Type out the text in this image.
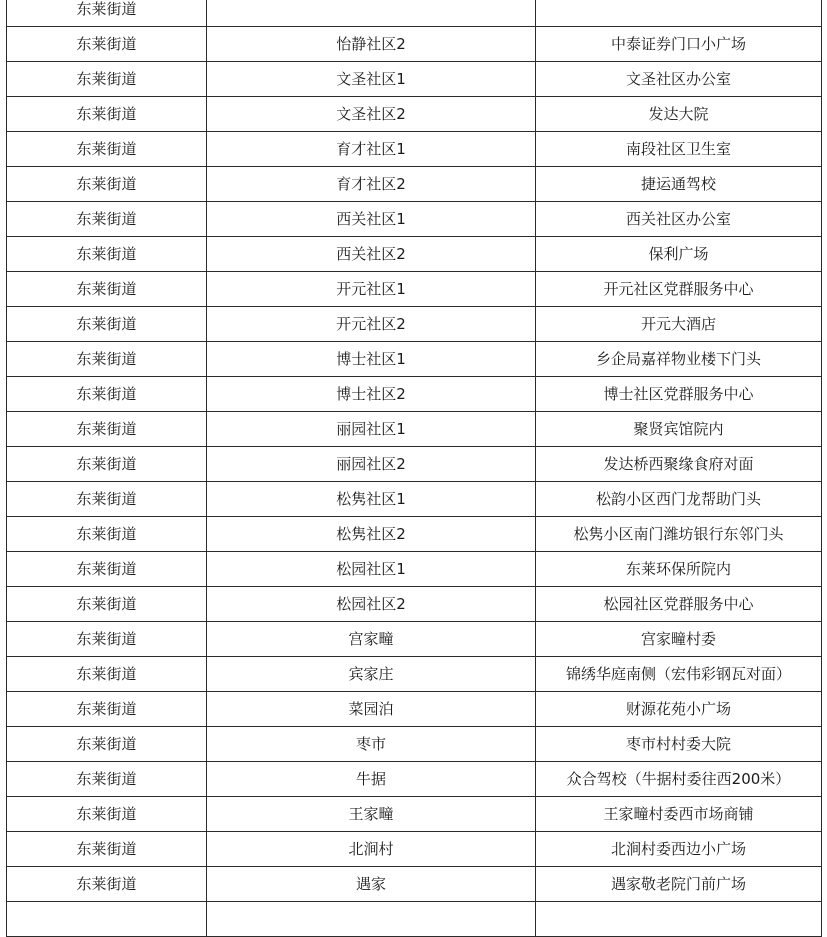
东莱街道		
东莱街道	怡静社区2	中泰证券门口小广场
东莱街道	文圣社区1	文圣社区办公室
东莱街道	文圣社区2	发达大院
东莱街道	育才社区1	南段社区卫生室
东莱街道	育才社区2	捷运通驾校
东莱街道	西关社区1	西关社区办公室
东莱街道	西关社区2	保利广场
东莱街道	开元社区1	开元社区党群服务中心
东莱街道	开元社区2	开元大酒店
东莱街道	博士社区1	乡企局嘉祥物业楼下门头
东莱街道	博士社区2	博士社区党群服务中心
东莱街道	丽园社区1	聚贤宾馆院内
东莱街道	丽园社区2	发达桥西聚缘食府对面
东莱街道	松隽社区1	松韵小区西门龙帮助门头
东莱街道	松隽社区2	松隽小区南门潍坊银行东邻门头
东莱街道	松园社区1	东莱环保所院内
东莱街道	松园社区2	松园社区党群服务中心
东莱街道	宫家疃	宫家疃村委
东莱街道	宾家庄	锦绣华庭南侧（宏伟彩钢瓦对面）
东莱街道	菜园泊	财源花苑小广场
东莱街道	枣市	枣市村村委大院
东莱街道	牛据	众合驾校（牛据村委往西200米）
东莱街道	王家疃	王家疃村委西市场商铺
东莱街道	北涧村	北涧村委西边小广场
东莱街道	遇家	遇家敬老院门前广场
